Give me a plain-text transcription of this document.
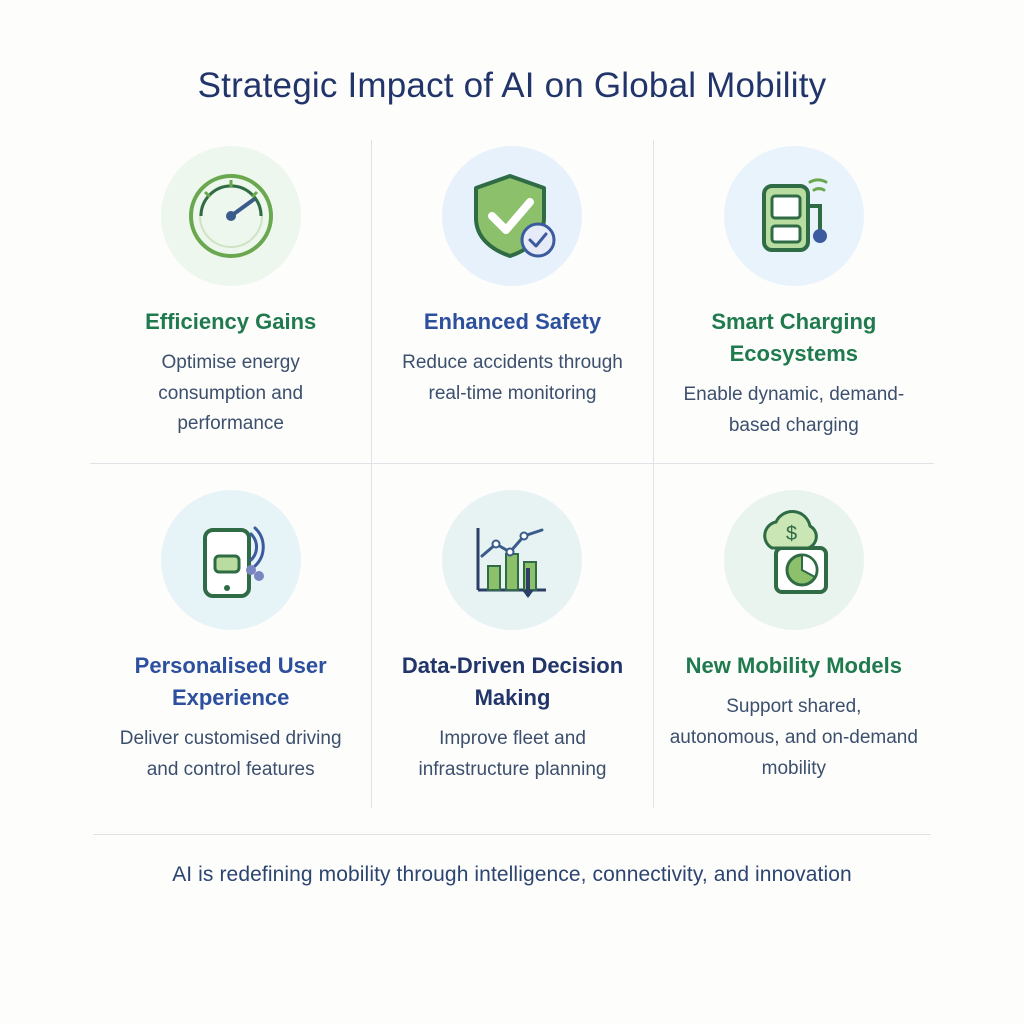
Strategic Impact of AI on Global Mobility
Efficiency Gains
Optimise energy consumption and performance
Enhanced Safety
Reduce accidents through real-time monitoring
Smart Charging Ecosystems
Enable dynamic, demand-based charging
Personalised User Experience
Deliver customised driving and control features
Data-Driven Decision Making
Improve fleet and infrastructure planning
$
New Mobility Models
Support shared, autonomous, and on-demand mobility
AI is redefining mobility through intelligence, connectivity, and innovation
